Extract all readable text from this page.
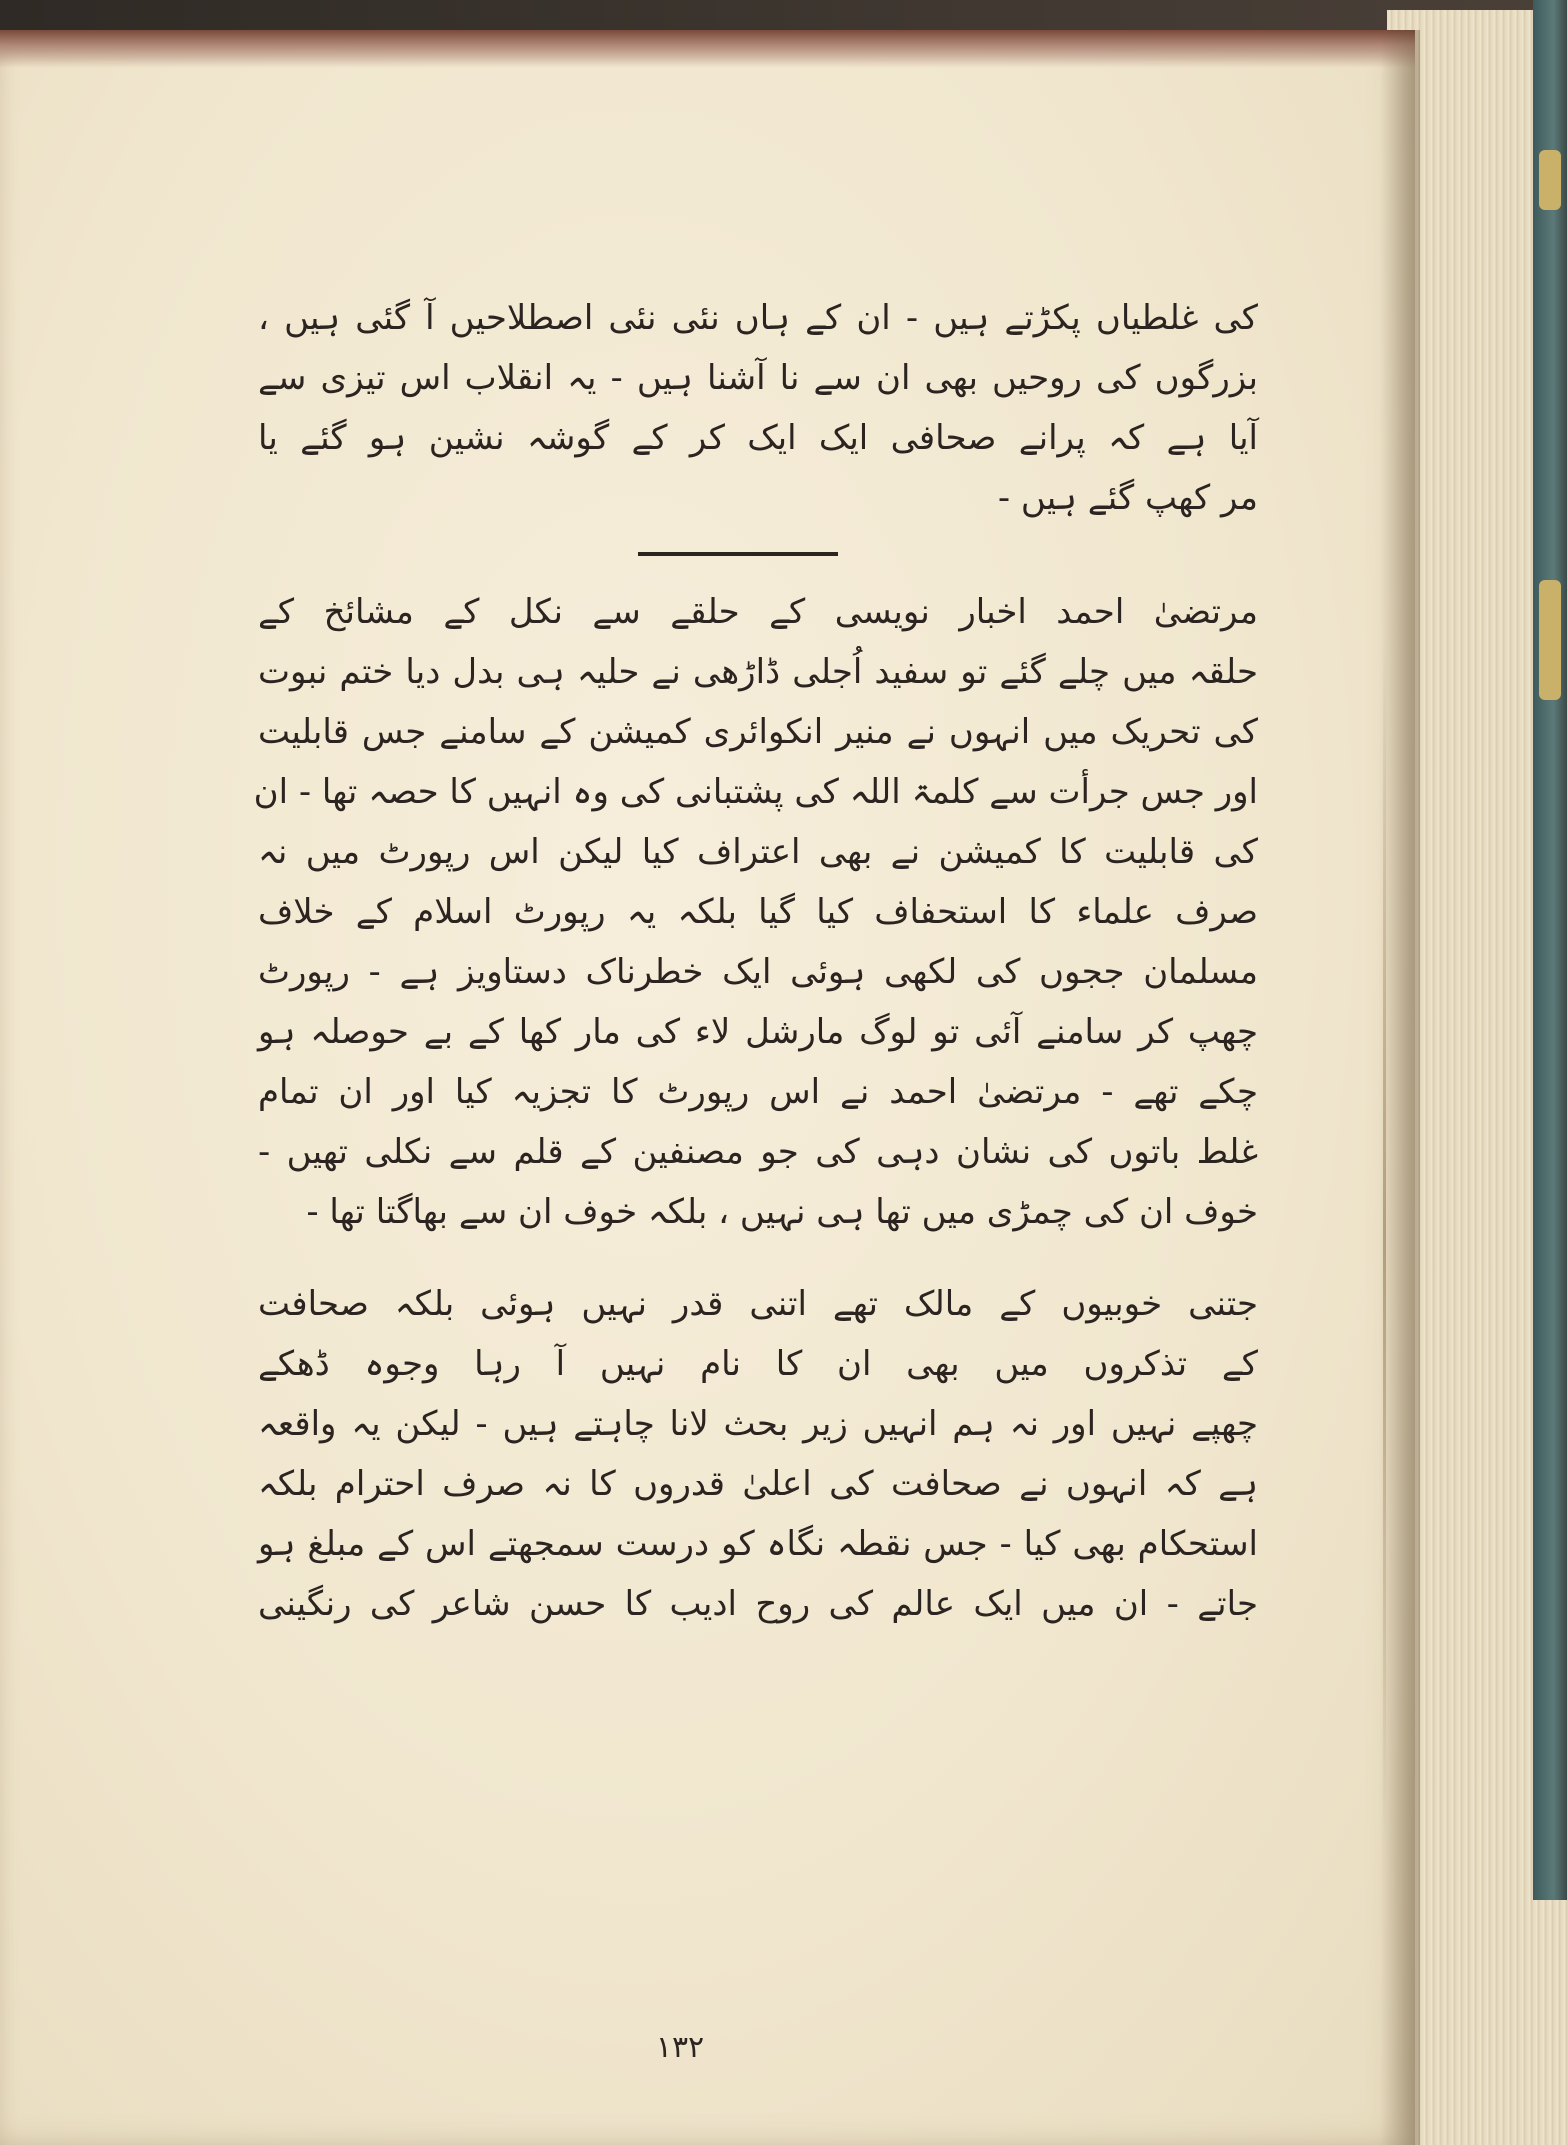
کی غلطیاں پکڑتے ہیں - ان کے ہاں نئی نئی اصطلاحیں آ گئی ہیں ،
بزرگوں کی روحیں بھی ان سے نا آشنا ہیں - یہ انقلاب اس تیزی سے
آیا ہے کہ پرانے صحافی ایک ایک کر کے گوشہ نشین ہو گئے یا
مر کھپ گئے ہیں -
مرتضیٰ احمد اخبار نویسی کے حلقے سے نکل کے مشائخ کے
حلقہ میں چلے گئے تو سفید اُجلی ڈاڑھی نے حلیہ ہی بدل دیا ختم نبوت
کی تحریک میں انہوں نے منیر انکوائری کمیشن کے سامنے جس قابلیت
اور جس جرأت سے کلمۃ اللہ کی پشتبانی کی وہ انہیں کا حصہ تھا - ان
کی قابلیت کا کمیشن نے بھی اعتراف کیا لیکن اس رپورٹ میں نہ
صرف علماء کا استحفاف کیا گیا بلکہ یہ رپورٹ اسلام کے خلاف
مسلمان ججوں کی لکھی ہوئی ایک خطرناک دستاویز ہے - رپورٹ
چھپ کر سامنے آئی تو لوگ مارشل لاء کی مار کھا کے بے حوصلہ ہو
چکے تھے - مرتضیٰ احمد نے اس رپورٹ کا تجزیہ کیا اور ان تمام
غلط باتوں کی نشان دہی کی جو مصنفین کے قلم سے نکلی تھیں -
خوف ان کی چمڑی میں تھا ہی نہیں ، بلکہ خوف ان سے بھاگتا تھا -
جتنی خوبیوں کے مالک تھے اتنی قدر نہیں ہوئی بلکہ صحافت
کے تذکروں میں بھی ان کا نام نہیں آ رہا وجوہ ڈھکے
چھپے نہیں اور نہ ہم انہیں زیر بحث لانا چاہتے ہیں - لیکن یہ واقعہ
ہے کہ انہوں نے صحافت کی اعلیٰ قدروں کا نہ صرف احترام بلکہ
استحکام بھی کیا - جس نقطہ نگاہ کو درست سمجھتے اس کے مبلغ ہو
جاتے - ان میں ایک عالم کی روح ادیب کا حسن شاعر کی رنگینی
۱۳۲
